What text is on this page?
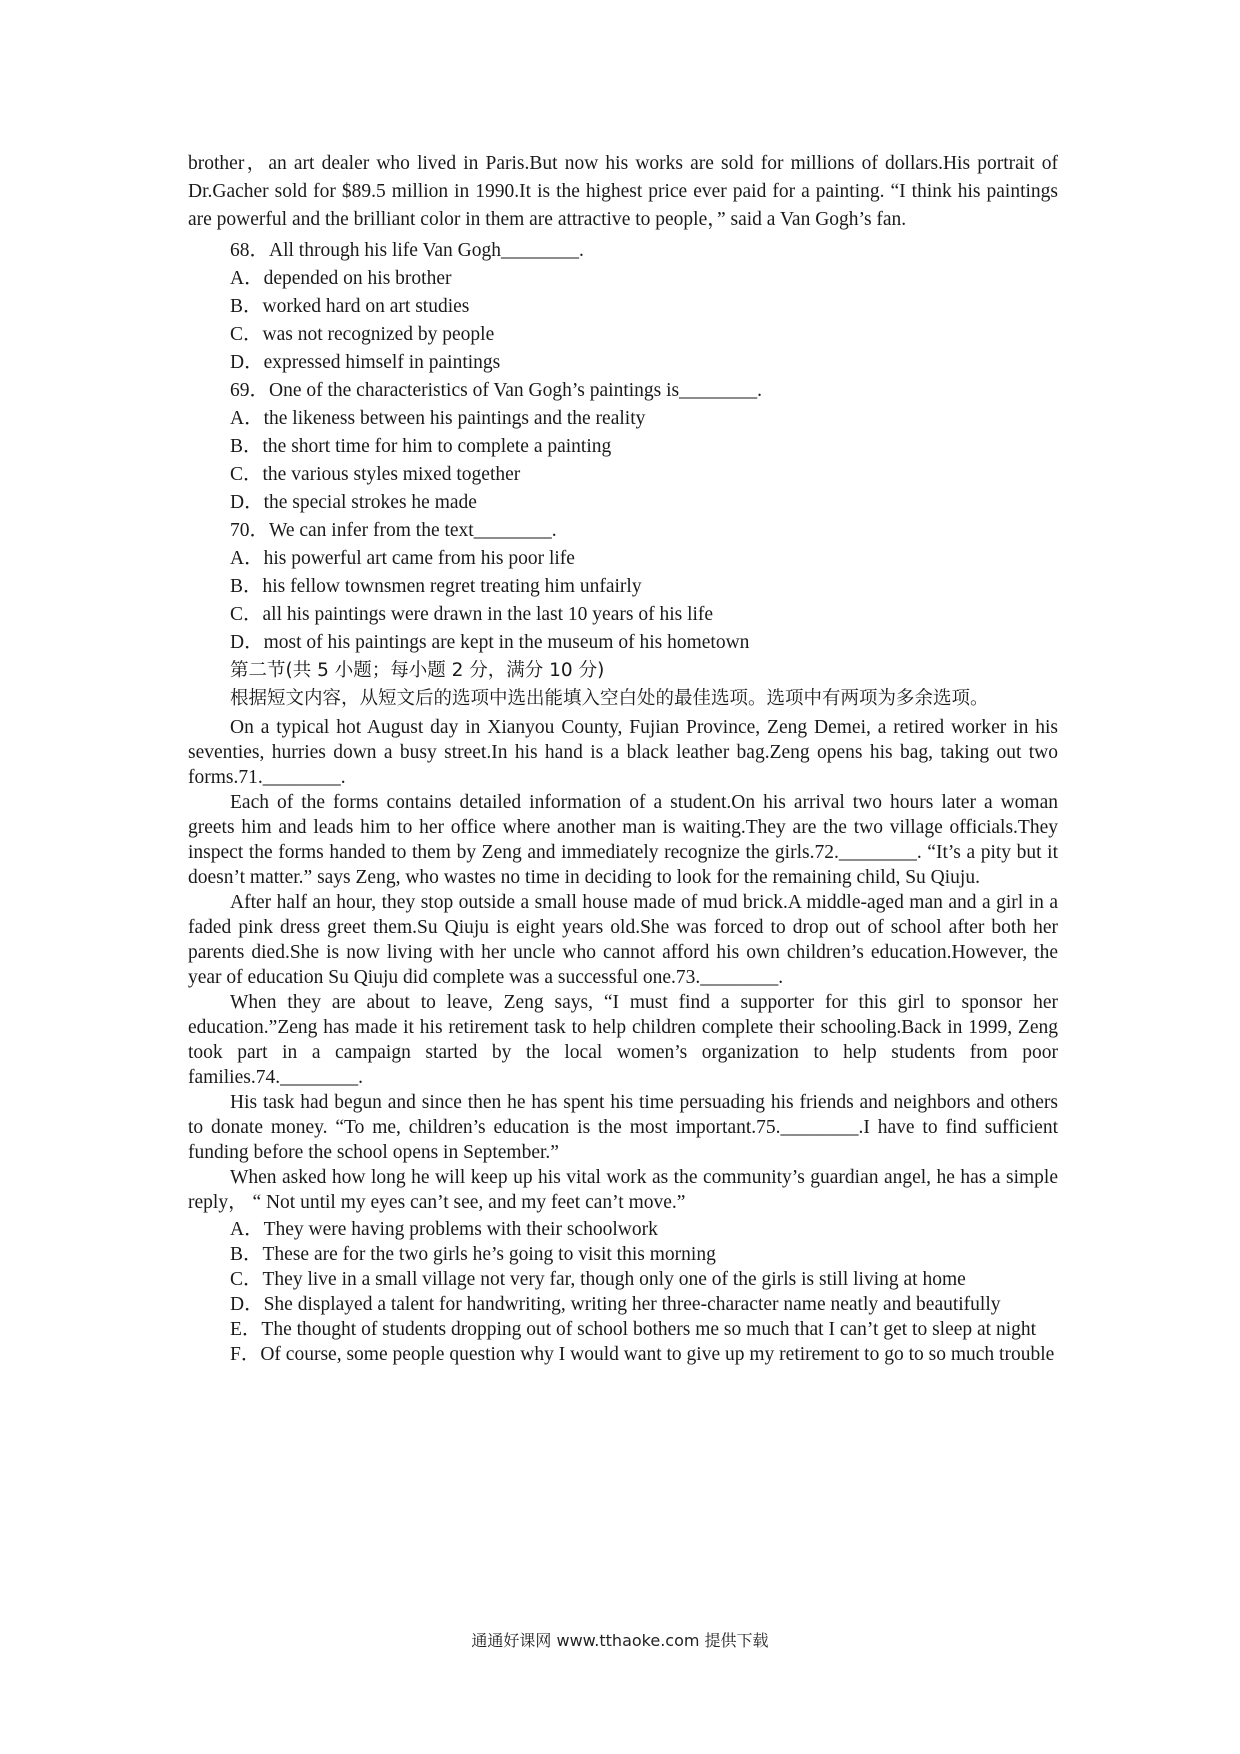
brother，an art dealer who lived in Paris.But now his works are sold for millions of dollars.His portrait of Dr.Gacher sold for $89.5 million in 1990.It is the highest price ever paid for a painting. “I think his paintings are powerful and the brilliant color in them are attractive to people，” said a Van Gogh’s fan.

68．All through his life Van Gogh________.

A．depended on his brother

B．worked hard on art studies

C．was not recognized by people

D．expressed himself in paintings

69．One of the characteristics of Van Gogh’s paintings is________.

A．the likeness between his paintings and the reality

B．the short time for him to complete a painting

C．the various styles mixed together

D．the special strokes he made

70．We can infer from the text________.

A．his powerful art came from his poor life

B．his fellow townsmen regret treating him unfairly

C．all his paintings were drawn in the last 10 years of his life

D．most of his paintings are kept in the museum of his hometown

第二节(共 5 小题；每小题 2 分，满分 10 分)

根据短文内容，从短文后的选项中选出能填入空白处的最佳选项。选项中有两项为多余选项。

On a typical hot August day in Xianyou County, Fujian Province, Zeng Demei, a retired worker in his seventies, hurries down a busy street.In his hand is a black leather bag.Zeng opens his bag, taking out two forms.71.________.

Each of the forms contains detailed information of a student.On his arrival two hours later a woman greets him and leads him to her office where another man is waiting.They are the two village officials.They inspect the forms handed to them by Zeng and immediately recognize the girls.72.________. “It’s a pity but it doesn’t matter.” says Zeng, who wastes no time in deciding to look for the remaining child, Su Qiuju.

After half an hour, they stop outside a small house made of mud brick.A middle-aged man and a girl in a faded pink dress greet them.Su Qiuju is eight years old.She was forced to drop out of school after both her parents died.She is now living with her uncle who cannot afford his own children’s education.However, the year of education Su Qiuju did complete was a successful one.73.________.

When they are about to leave, Zeng says, “I must find a supporter for this girl to sponsor her education.”Zeng has made it his retirement task to help children complete their schooling.Back in 1999, Zeng took part in a campaign started by the local women’s organization to help students from poor families.74.________.

His task had begun and since then he has spent his time persuading his friends and neighbors and others to donate money. “To me, children’s education is the most important.75.________.I have to find sufficient funding before the school opens in September.”

When asked how long he will keep up his vital work as the community’s guardian angel, he has a simple reply， “ Not until my eyes can’t see, and my feet can’t move.”

A．They were having problems with their schoolwork

B．These are for the two girls he’s going to visit this morning

C．They live in a small village not very far, though only one of the girls is still living at home

D．She displayed a talent for handwriting, writing her three-character name neatly and beautifully

E．The thought of students dropping out of school bothers me so much that I can’t get to sleep at night

F．Of course, some people question why I would want to give up my retirement to go to so much trouble

通通好课网 www.tthaoke.com 提供下载
